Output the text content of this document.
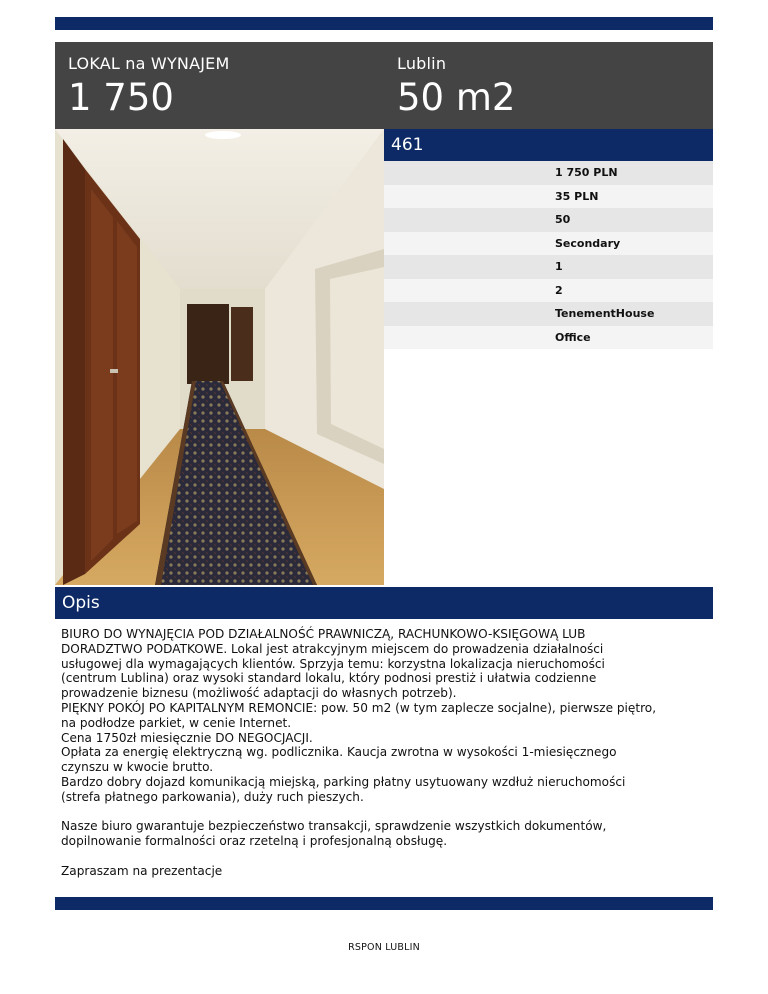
LOKAL na WYNAJEM
1 750
Lublin
50 m2
461
1 750 PLN
35 PLN
50
Secondary
1
2
TenementHouse
Office
Opis

BIURO DO WYNAJĘCIA POD DZIAŁALNOŚĆ PRAWNICZĄ, RACHUNKOWO-KSIĘGOWĄ LUB

DORADZTWO PODATKOWE. Lokal jest atrakcyjnym miejscem do prowadzenia działalności

usługowej dla wymagających klientów. Sprzyja temu: korzystna lokalizacja nieruchomości

(centrum Lublina) oraz wysoki standard lokalu, który podnosi prestiż i ułatwia codzienne

prowadzenie biznesu (możliwość adaptacji do własnych potrzeb).

PIĘKNY POKÓJ PO KAPITALNYM REMONCIE: pow. 50 m2 (w tym zaplecze socjalne), pierwsze piętro,

na podłodze parkiet, w cenie Internet.

Cena 1750zł miesięcznie DO NEGOCJACJI.

Opłata za energię elektryczną wg. podlicznika. Kaucja zwrotna w wysokości 1-miesięcznego

czynszu w kwocie brutto.

Bardzo dobry dojazd komunikacją miejską, parking płatny usytuowany wzdłuż nieruchomości

(strefa płatnego parkowania), duży ruch pieszych.

Nasze biuro gwarantuje bezpieczeństwo transakcji, sprawdzenie wszystkich dokumentów,

dopilnowanie formalności oraz rzetelną i profesjonalną obsługę.

Zapraszam na prezentacje

RSPON LUBLIN
